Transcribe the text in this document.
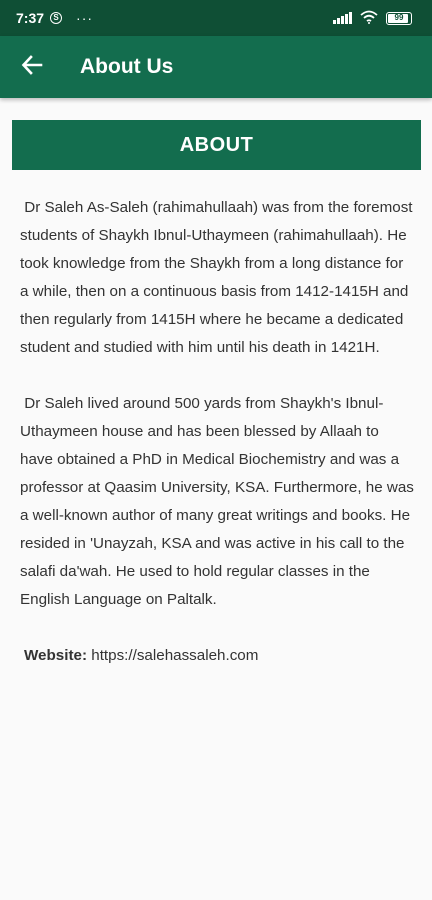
7:37	S ···	99
About Us
ABOUT

Dr Saleh As-Saleh (rahimahullaah) was from the foremost students of Shaykh Ibnul-Uthaymeen (rahimahullaah). He took knowledge from the Shaykh from a long distance for a while, then on a continuous basis from 1412-1415H and then regularly from 1415H where he became a dedicated student and studied with him until his death in 1421H.

Dr Saleh lived around 500 yards from Shaykh's Ibnul-Uthaymeen house and has been blessed by Allaah to have obtained a PhD in Medical Biochemistry and was a professor at Qaasim University, KSA. Furthermore, he was a well-known author of many great writings and books. He resided in 'Unayzah, KSA and was active in his call to the salafi da'wah. He used to hold regular classes in the English Language on Paltalk.

Website: https://salehassaleh.com
